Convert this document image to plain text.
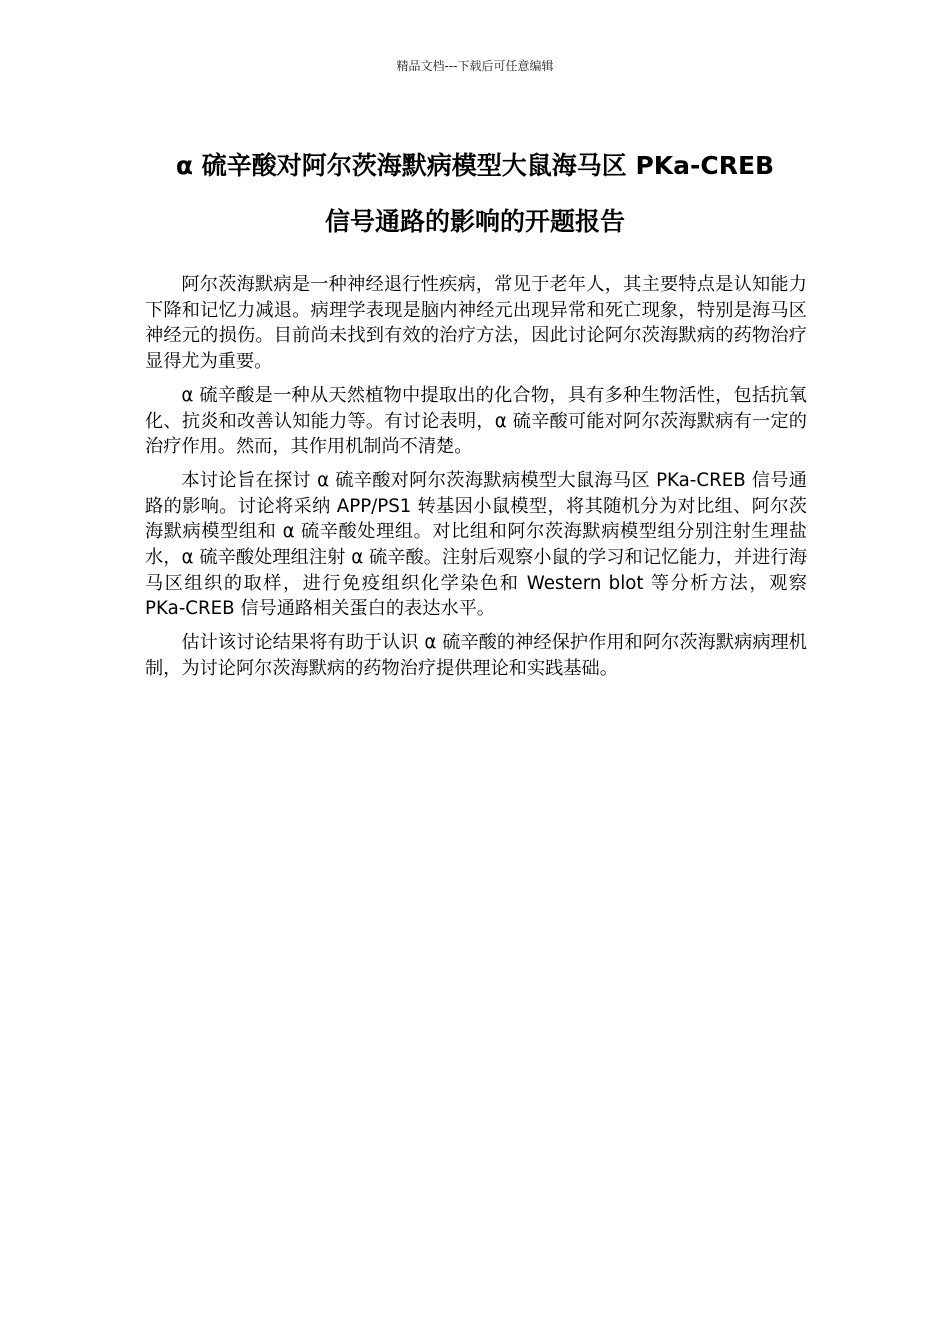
精品文档---下载后可任意编辑
α 硫辛酸对阿尔茨海默病模型大鼠海马区 PKa-CREB
信号通路的影响的开题报告

阿尔茨海默病是一种神经退行性疾病，常见于老年人，其主要特点是认知能力下降和记忆力减退。病理学表现是脑内神经元出现异常和死亡现象，特别是海马区神经元的损伤。目前尚未找到有效的治疗方法，因此讨论阿尔茨海默病的药物治疗显得尤为重要。

α 硫辛酸是一种从天然植物中提取出的化合物，具有多种生物活性，包括抗氧化、抗炎和改善认知能力等。有讨论表明，α 硫辛酸可能对阿尔茨海默病有一定的治疗作用。然而，其作用机制尚不清楚。

本讨论旨在探讨 α 硫辛酸对阿尔茨海默病模型大鼠海马区 PKa-CREB 信号通路的影响。讨论将采纳 APP/PS1 转基因小鼠模型，将其随机分为对比组、阿尔茨海默病模型组和 α 硫辛酸处理组。对比组和阿尔茨海默病模型组分别注射生理盐水，α 硫辛酸处理组注射 α 硫辛酸。注射后观察小鼠的学习和记忆能力，并进行海马区组织的取样，进行免疫组织化学染色和 Western blot 等分析方法，观察 PKa-CREB 信号通路相关蛋白的表达水平。

估计该讨论结果将有助于认识 α 硫辛酸的神经保护作用和阿尔茨海默病病理机制，为讨论阿尔茨海默病的药物治疗提供理论和实践基础。
